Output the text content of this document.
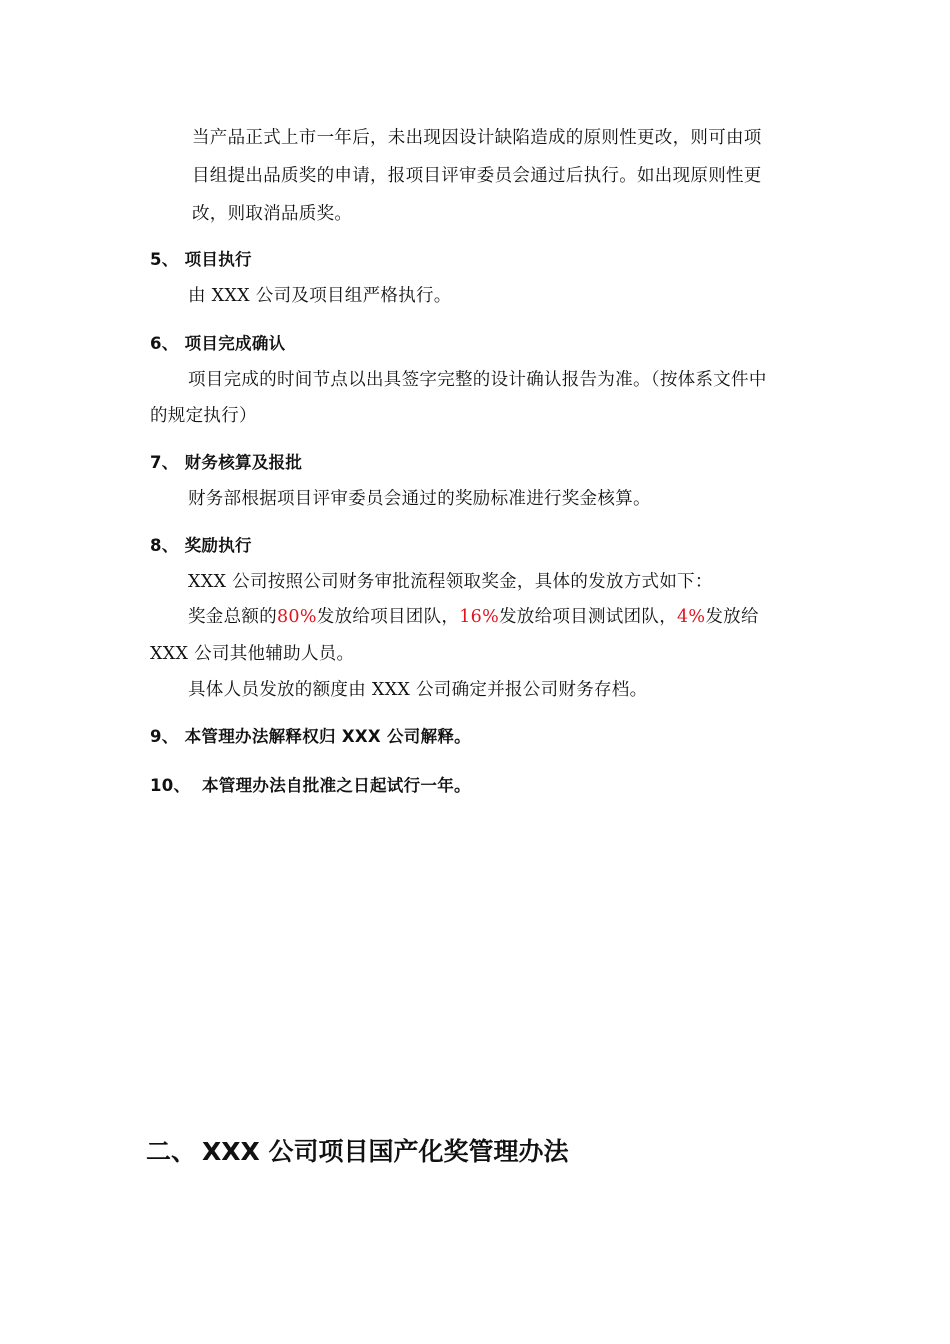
当产品正式上市一年后，未出现因设计缺陷造成的原则性更改，则可由项
目组提出品质奖的申请，报项目评审委员会通过后执行。如出现原则性更
改，则取消品质奖。
5、 项目执行
由 XXX 公司及项目组严格执行。
6、 项目完成确认
项目完成的时间节点以出具签字完整的设计确认报告为准。（按体系文件中
的规定执行）
7、 财务核算及报批
财务部根据项目评审委员会通过的奖励标准进行奖金核算。
8、 奖励执行
XXX 公司按照公司财务审批流程领取奖金，具体的发放方式如下：
奖金总额的80%发放给项目团队，16%发放给项目测试团队，4%发放给
XXX 公司其他辅助人员。
具体人员发放的额度由 XXX 公司确定并报公司财务存档。
9、 本管理办法解释权归 XXX 公司解释。
10、 本管理办法自批准之日起试行一年。
二、 XXX 公司项目国产化奖管理办法
